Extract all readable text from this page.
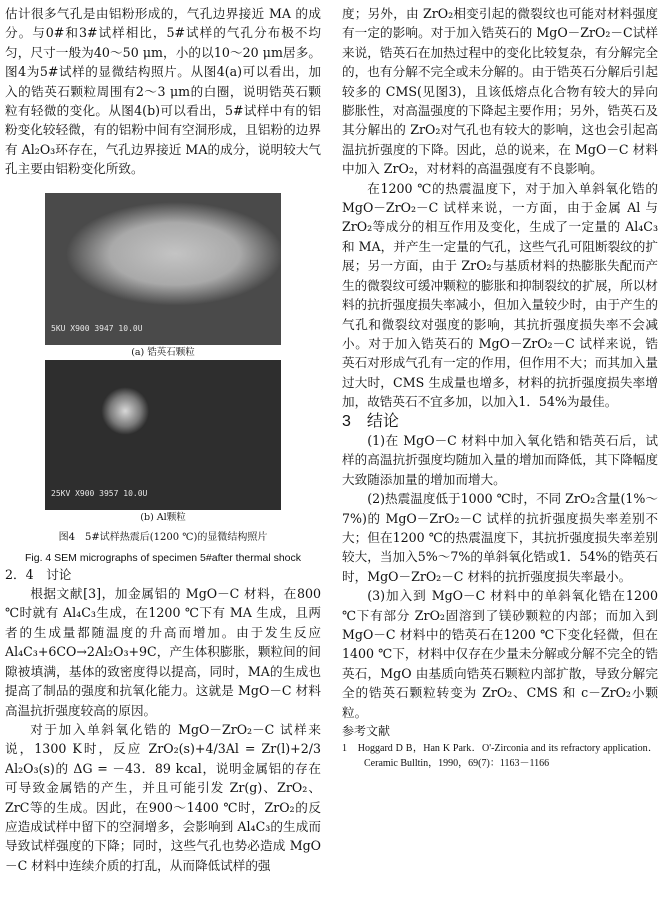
估计很多气孔是由铝粉形成的，气孔边界接近 MA 的成分。与0#和3#试样相比，5#试样的气孔分布极不均匀，尺寸一般为40～50 μm，小的以10～20 μm居多。图4为5#试样的显微结构照片。从图4(a)可以看出，加入的锆英石颗粒周围有2～3 μm的白圈，说明锆英石颗粒有轻微的变化。从图4(b)可以看出，5#试样中有的铝粉变化较轻微，有的铝粉中间有空洞形成，且铝粉的边界有 Al₂O₃环存在，气孔边界接近 MA的成分，说明较大气孔主要由铝粉变化所致。

5KU X900 3947 10.0U
(a) 锆英石颗粒
25KV X900 3957 10.0U
(b) Al颗粒
图4　5#试样热震后(1200 ℃)的显微结构照片
Fig. 4 SEM micrographs of specimen 5#after thermal shock

2．4　讨论

根据文献[3]，加金属铝的 MgO－C 材料，在800 ℃时就有 Al₄C₃生成，在1200 ℃下有 MA 生成，且两者的生成量都随温度的升高而增加。由于发生反应 Al₄C₃+6CO→2Al₂O₃+9C，产生体积膨胀，颗粒间的间隙被填满，基体的致密度得以提高，同时，MA的生成也提高了制品的强度和抗氧化能力。这就是 MgO－C 材料高温抗折强度较高的原因。

对于加入单斜氧化锆的 MgO－ZrO₂－C 试样来说，1300 K时，反应 ZrO₂(s)+4/3Al = Zr(l)+2/3 Al₂O₃(s)的 ΔG = －43．89 kcal，说明金属铝的存在可导致金属锆的产生，并且可能引发 Zr(g)、ZrO₂、ZrC等的生成。因此，在900～1400 ℃时，ZrO₂的反应造成试样中留下的空洞增多，会影响到 Al₄C₃的生成而导致试样强度的下降；同时，这些气孔也势必造成 MgO－C 材料中连续介质的打乱，从而降低试样的强

度；另外，由 ZrO₂相变引起的微裂纹也可能对材料强度有一定的影响。对于加入锆英石的 MgO－ZrO₂－C试样来说，锆英石在加热过程中的变化比较复杂，有分解完全的，也有分解不完全或未分解的。由于锆英石分解后引起较多的 CMS(见图3)，且该低熔点化合物有较大的异向膨胀性，对高温强度的下降起主要作用；另外，锆英石及其分解出的 ZrO₂对气孔也有较大的影响，这也会引起高温抗折强度的下降。因此，总的说来，在 MgO－C 材料中加入 ZrO₂，对材料的高温强度有不良影响。

在1200 ℃的热震温度下，对于加入单斜氧化锆的 MgO－ZrO₂－C 试样来说，一方面，由于金属 Al 与 ZrO₂等成分的相互作用及变化，生成了一定量的 Al₄C₃和 MA，并产生一定量的气孔，这些气孔可阻断裂纹的扩展；另一方面，由于 ZrO₂与基质材料的热膨胀失配而产生的微裂纹可缓冲颗粒的膨胀和抑制裂纹的扩展，所以材料的抗折强度损失率减小，但加入量较少时，由于产生的气孔和微裂纹对强度的影响，其抗折强度损失率不会减小。对于加入锆英石的 MgO－ZrO₂－C 试样来说，锆英石对形成气孔有一定的作用，但作用不大；而其加入量过大时，CMS 生成量也增多，材料的抗折强度损失率增加，故锆英石不宜多加，以加入1．54%为最佳。

3　结论

(1)在 MgO－C 材料中加入氧化锆和锆英石后，试样的高温抗折强度均随加入量的增加而降低，其下降幅度大致随添加量的增加而增大。

(2)热震温度低于1000 ℃时，不同 ZrO₂含量(1%～7%)的 MgO－ZrO₂－C 试样的抗折强度损失率差别不大；但在1200 ℃的热震温度下，其抗折强度损失率差别较大，当加入5%～7%的单斜氧化锆或1．54%的锆英石时，MgO－ZrO₂－C 材料的抗折强度损失率最小。

(3)加入到 MgO－C 材料中的单斜氧化锆在1200 ℃下有部分 ZrO₂固溶到了镁砂颗粒的内部；而加入到 MgO－C 材料中的锆英石在1200 ℃下变化轻微，但在1400 ℃下，材料中仅存在少量未分解或分解不完全的锆英石，MgO 由基质向锆英石颗粒内部扩散，导致分解完全的锆英石颗粒转变为 ZrO₂、CMS 和 c－ZrO₂小颗粒。

参考文献

1　Hoggard D B，Han K Park．O'-Zirconia and its refractory application．Ceramic Bulltin，1990，69(7)：1163－1166
